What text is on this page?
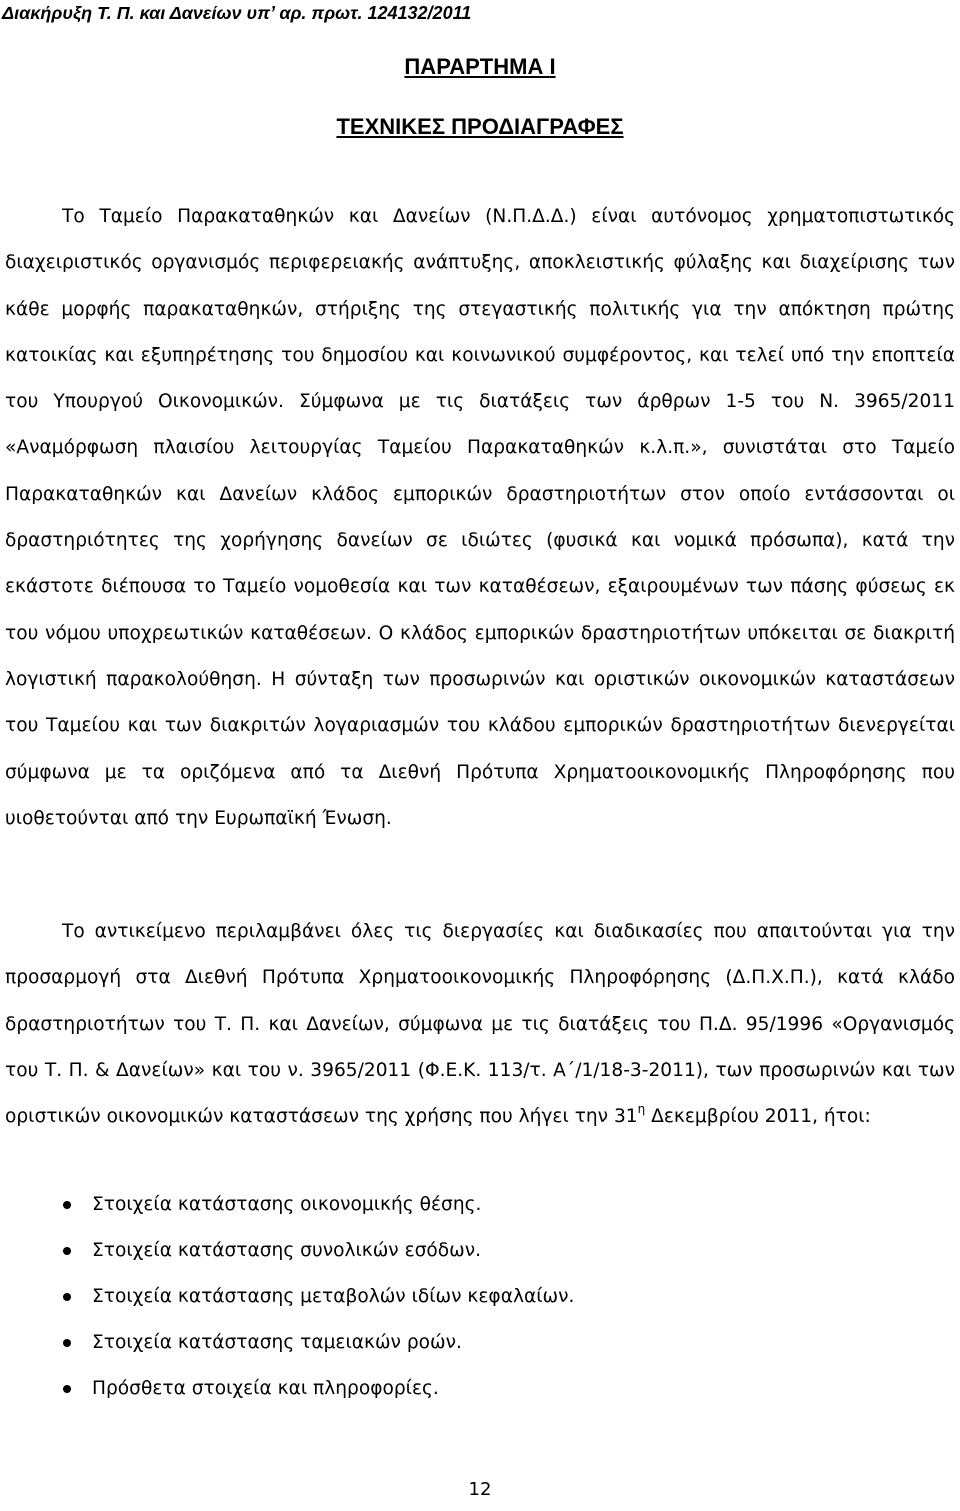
Διακήρυξη Τ. Π. και Δανείων υπ’ αρ. πρωτ. 124132/2011
ΠΑΡΑΡΤΗΜΑ Ι
ΤΕΧΝΙΚΕΣ ΠΡΟΔΙΑΓΡΑΦΕΣ

Το Ταμείο Παρακαταθηκών και Δανείων (Ν.Π.Δ.Δ.) είναι αυτόνομος χρηματοπιστωτικός διαχειριστικός οργανισμός περιφερειακής ανάπτυξης, αποκλειστικής φύλαξης και διαχείρισης των κάθε μορφής παρακαταθηκών, στήριξης της στεγαστικής πολιτικής για την απόκτηση πρώτης κατοικίας και εξυπηρέτησης του δημοσίου και κοινωνικού συμφέροντος, και τελεί υπό την εποπτεία του Υπουργού Οικονομικών. Σύμφωνα με τις διατάξεις των άρθρων 1-5 του Ν. 3965/2011 «Αναμόρφωση πλαισίου λειτουργίας Ταμείου Παρακαταθηκών κ.λ.π.», συνιστάται στο Ταμείο Παρακαταθηκών και Δανείων κλάδος εμπορικών δραστηριοτήτων στον οποίο εντάσσονται οι δραστηριότητες της χορήγησης δανείων σε ιδιώτες (φυσικά και νομικά πρόσωπα), κατά την εκάστοτε διέπουσα το Ταμείο νομοθεσία και των καταθέσεων, εξαιρουμένων των πάσης φύσεως εκ του νόμου υποχρεωτικών καταθέσεων. Ο κλάδος εμπορικών δραστηριοτήτων υπόκειται σε διακριτή λογιστική παρακολούθηση. Η σύνταξη των προσωρινών και οριστικών οικονομικών καταστάσεων του Ταμείου και των διακριτών λογαριασμών του κλάδου εμπορικών δραστηριοτήτων διενεργείται σύμφωνα με τα οριζόμενα από τα Διεθνή Πρότυπα Χρηματοοικονομικής Πληροφόρησης που υιοθετούνται από την Ευρωπαϊκή Ένωση.

Το αντικείμενο περιλαμβάνει όλες τις διεργασίες και διαδικασίες που απαιτούνται για την προσαρμογή στα Διεθνή Πρότυπα Χρηματοοικονομικής Πληροφόρησης (Δ.Π.Χ.Π.), κατά κλάδο δραστηριοτήτων του Τ. Π. και Δανείων, σύμφωνα με τις διατάξεις του Π.Δ. 95/1996 «Οργανισμός του Τ. Π. & Δανείων» και του ν. 3965/2011 (Φ.Ε.Κ. 113/τ. Α΄/1/18-3-2011), των προσωρινών και των οριστικών οικονομικών καταστάσεων της χρήσης που λήγει την $31^\eta$ Δεκεμβρίου 2011, ήτοι:

Στοιχεία κατάστασης οικονομικής θέσης.
Στοιχεία κατάστασης συνολικών εσόδων.
Στοιχεία κατάστασης μεταβολών ιδίων κεφαλαίων.
Στοιχεία κατάστασης ταμειακών ροών.
Πρόσθετα στοιχεία και πληροφορίες.
12
